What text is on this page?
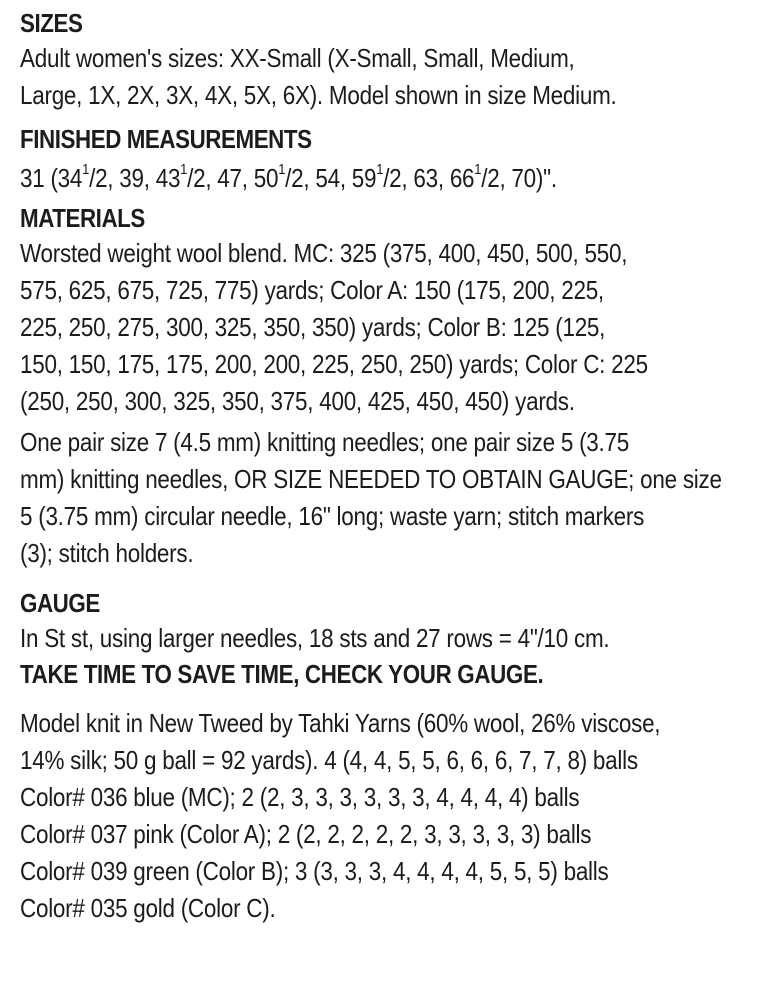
SIZES
Adult women's sizes: XX-Small (X-Small, Small, Medium,
Large, 1X, 2X, 3X, 4X, 5X, 6X). Model shown in size Medium.
FINISHED MEASUREMENTS
31 ($34^1/2$, 39, $43^1/2$, 47, $50^1/2$, 54, $59^1/2$, 63, $66^1/2$, 70)".
MATERIALS
Worsted weight wool blend. MC: 325 (375, 400, 450, 500, 550,
575, 625, 675, 725, 775) yards; Color A: 150 (175, 200, 225,
225, 250, 275, 300, 325, 350, 350) yards; Color B: 125 (125,
150, 150, 175, 175, 200, 200, 225, 250, 250) yards; Color C: 225
(250, 250, 300, 325, 350, 375, 400, 425, 450, 450) yards.
One pair size 7 (4.5 mm) knitting needles; one pair size 5 (3.75
mm) knitting needles, OR SIZE NEEDED TO OBTAIN GAUGE; one size
5 (3.75 mm) circular needle, 16" long; waste yarn; stitch markers
(3); stitch holders.
GAUGE
In St st, using larger needles, 18 sts and 27 rows = 4"/10 cm.
TAKE TIME TO SAVE TIME, CHECK YOUR GAUGE.
Model knit in New Tweed by Tahki Yarns (60% wool, 26% viscose,
14% silk; 50 g ball = 92 yards). 4 (4, 4, 5, 5, 6, 6, 6, 7, 7, 8) balls
Color# 036 blue (MC); 2 (2, 3, 3, 3, 3, 3, 3, 4, 4, 4, 4) balls
Color# 037 pink (Color A); 2 (2, 2, 2, 2, 2, 3, 3, 3, 3, 3) balls
Color# 039 green (Color B); 3 (3, 3, 3, 4, 4, 4, 4, 5, 5, 5) balls
Color# 035 gold (Color C).
